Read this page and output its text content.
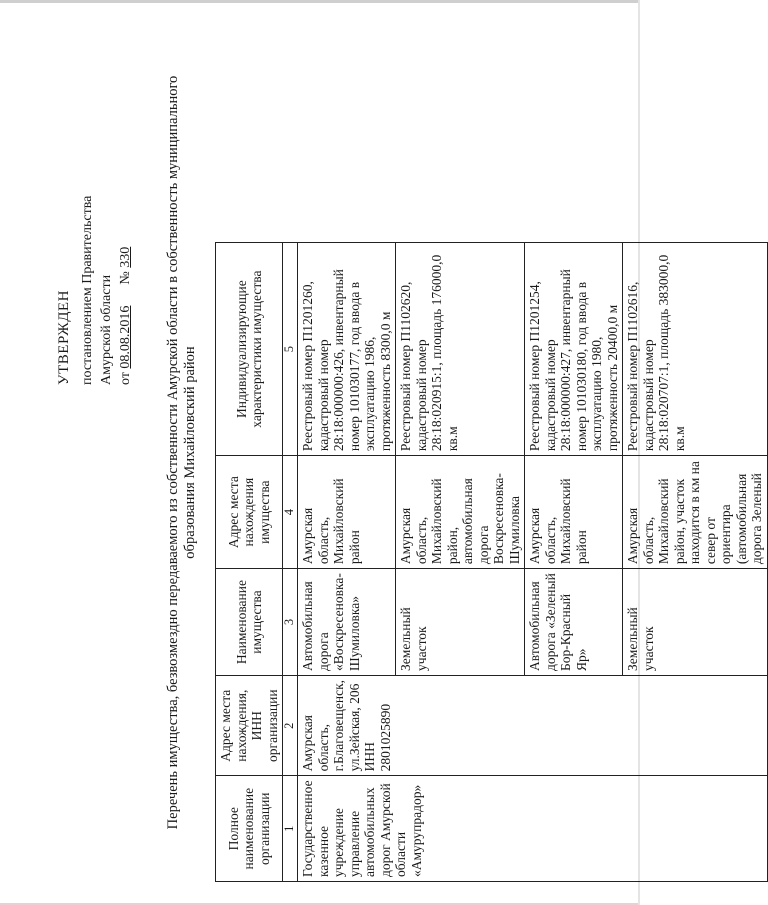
УТВЕРЖДЕН постановлением Правительства Амурской области от 08.08.2016  № 330 Перечень имущества, безвозмездно передаваемого из собственности Амурской области в собственность муниципального образования Михайловский район
Полное наименование организации	Адрес места нахождения, ИНН организации	Наименование имущества	Адрес места нахождения имущества	Индивидуализирующие характеристики имущества
1	2	3	4	5
Государственное казенное учреждение управление автомобильных дорог Амурской области «Амурупрадор»	Амурская область, г.Благовещенск, ул.Зейская, 206 ИНН 2801025890	Автомобильная дорога «Воскресеновка-Шумиловка»	Амурская область, Михайловский район	Реестровый номер П1201260, кадастровый номер 28:18:000000:426, инвентарный номер 101030177, год ввода в эксплуатацию 1986, протяженность 8300,0 м
		Земельный участок	Амурская область, Михайловский район, автомобильная дорога Воскресеновка-Шумиловка	Реестровый номер П1102620, кадастровый номер 28:18:020915:1, площадь 176000,0 кв.м
		Автомобильная дорога «Зеленый Бор-Красный Яр»	Амурская область, Михайловский район	Реестровый номер П1201254, кадастровый номер 28:18:000000:427, инвентарный номер 101030180, год ввода в эксплуатацию 1980, протяженность 20400,0 м
		Земельный участок	Амурская область, Михайловский район, участок находится в км на север от ориентира (автомобильная дорога Зеленый	Реестровый номер П1102616, кадастровый номер 28:18:020707:1, площадь 383000,0 кв.м
